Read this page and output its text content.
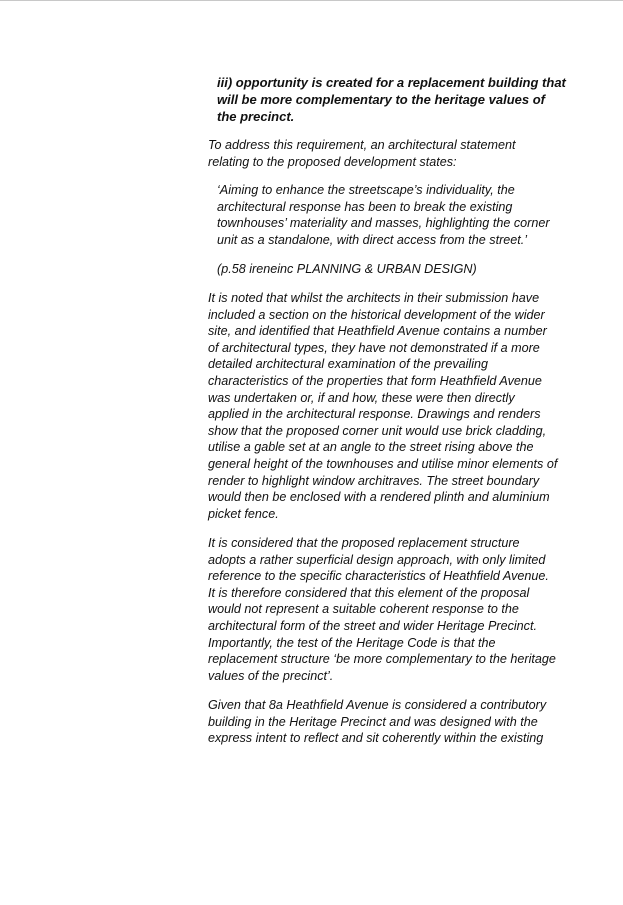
iii) opportunity is created for a replacement building that
will be more complementary to the heritage values of
the precinct.

To address this requirement, an architectural statement
relating to the proposed development states:

‘Aiming to enhance the streetscape’s individuality, the
architectural response has been to break the existing
townhouses’ materiality and masses, highlighting the corner
unit as a standalone, with direct access from the street.’

(p.58 ireneinc PLANNING & URBAN DESIGN)

It is noted that whilst the architects in their submission have
included a section on the historical development of the wider
site, and identified that Heathfield Avenue contains a number
of architectural types, they have not demonstrated if a more
detailed architectural examination of the prevailing
characteristics of the properties that form Heathfield Avenue
was undertaken or, if and how, these were then directly
applied in the architectural response. Drawings and renders
show that the proposed corner unit would use brick cladding,
utilise a gable set at an angle to the street rising above the
general height of the townhouses and utilise minor elements of
render to highlight window architraves. The street boundary
would then be enclosed with a rendered plinth and aluminium
picket fence.

It is considered that the proposed replacement structure
adopts a rather superficial design approach, with only limited
reference to the specific characteristics of Heathfield Avenue.
It is therefore considered that this element of the proposal
would not represent a suitable coherent response to the
architectural form of the street and wider Heritage Precinct.
Importantly, the test of the Heritage Code is that the
replacement structure ‘be more complementary to the heritage
values of the precinct’.

Given that 8a Heathfield Avenue is considered a contributory
building in the Heritage Precinct and was designed with the
express intent to reflect and sit coherently within the existing
